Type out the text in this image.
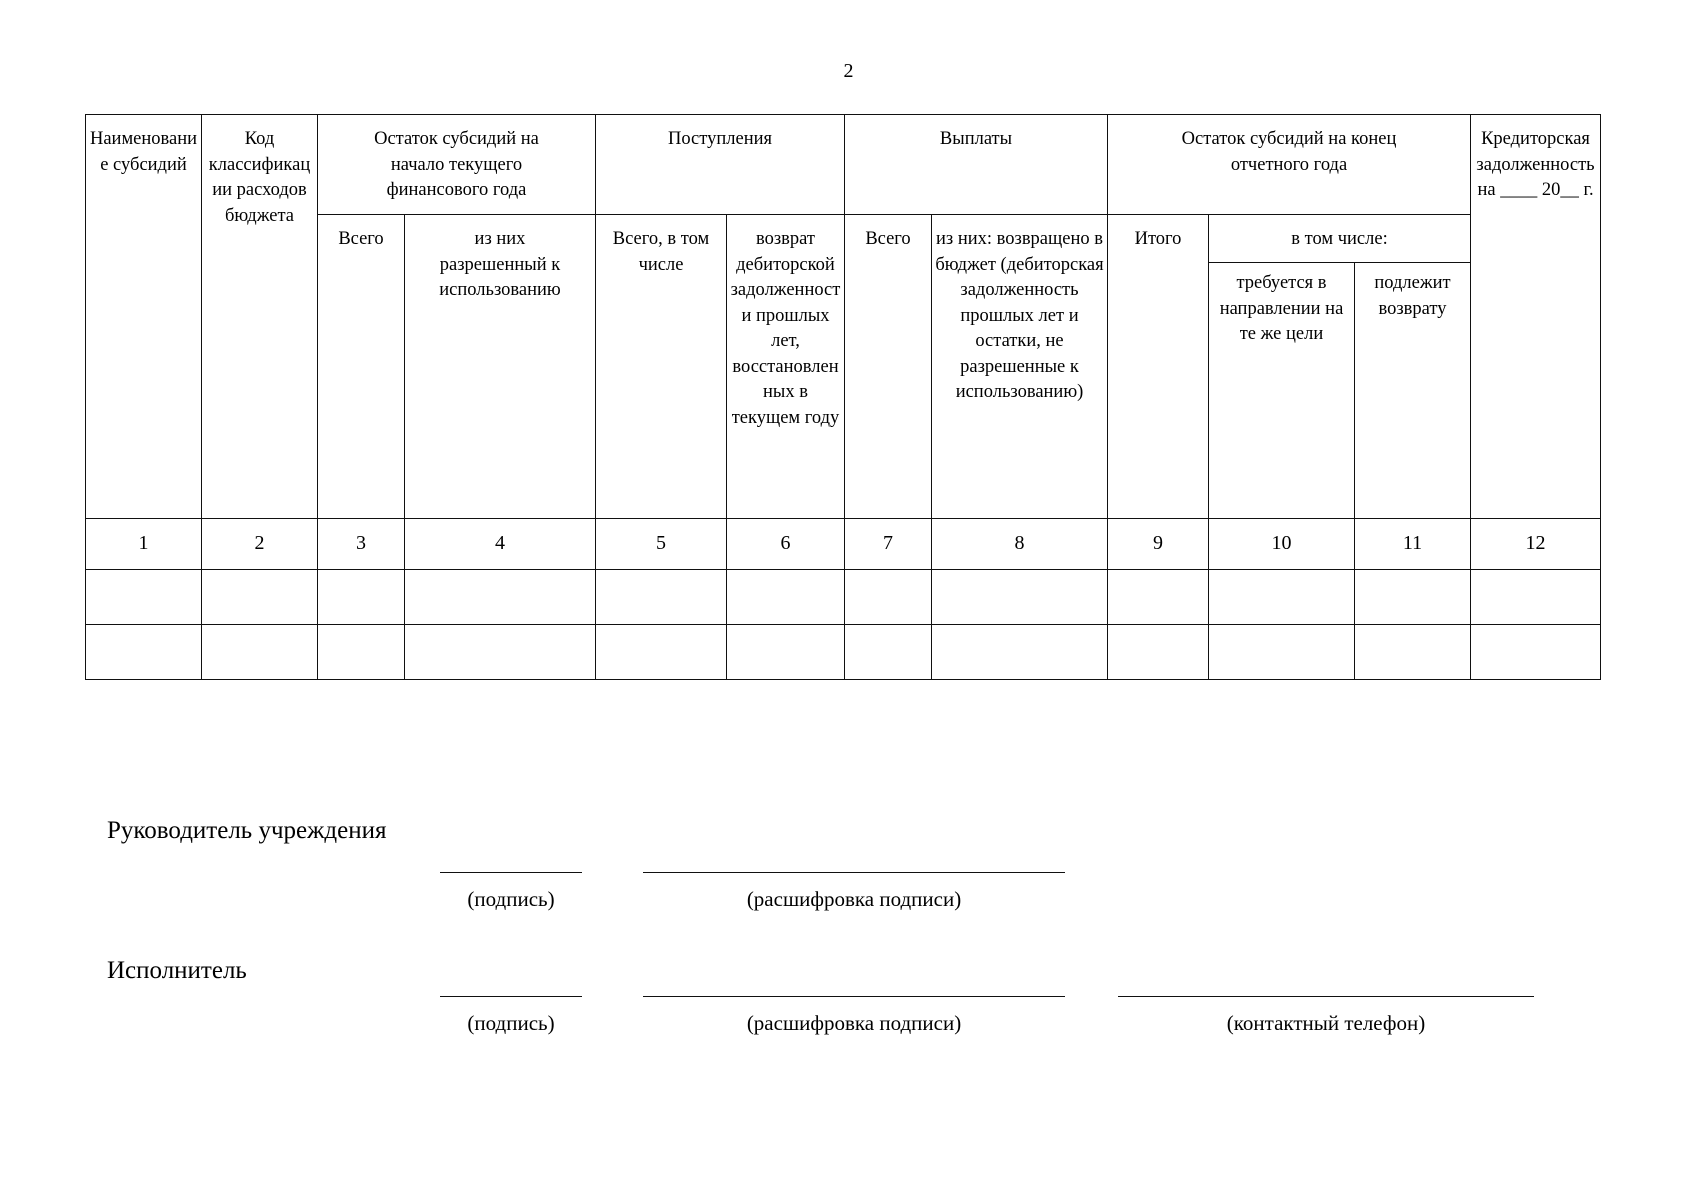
2
Наименование субсидий	Код классификации расходов бюджета	Остаток субсидий на начало текущего финансового года		Поступления		Выплаты		Остаток субсидий на конец отчетного года			Кредиторская задолженность на ____ 20__ г.
		Всего	из них разрешенный к использованию	Всего, в том числе	возврат дебиторской задолженности прошлых лет, восстановленных в текущем году	Всего	из них: возвращено в бюджет (дебиторская задолженность прошлых лет и остатки, не разрешенные к использованию)	Итого	в том числе:		
									требуется в направлении на те же цели	подлежит возврату	
1	2	3	4	5	6	7	8	9	10	11	12

Руководитель учреждения
(подпись)	(расшифровка подписи)
Исполнитель
(подпись)	(расшифровка подписи)	(контактный телефон)
